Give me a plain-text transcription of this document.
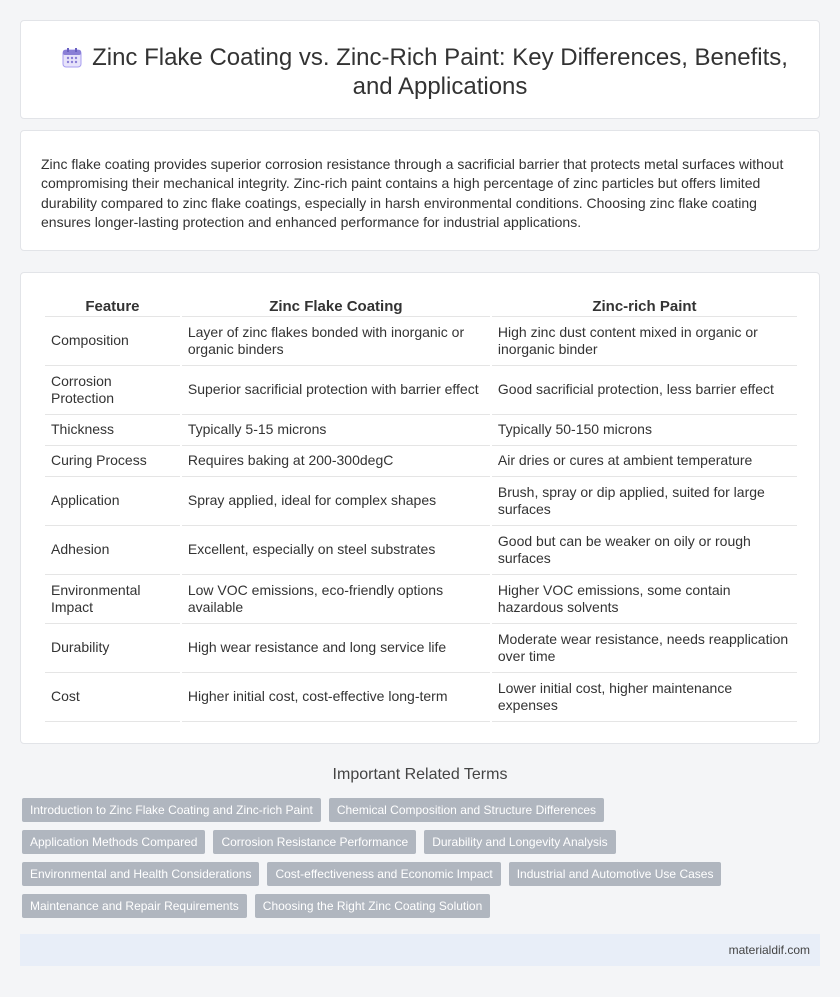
Zinc Flake Coating vs. Zinc-Rich Paint: Key Differences, Benefits, and Applications

Zinc flake coating provides superior corrosion resistance through a sacrificial barrier that protects metal surfaces without compromising their mechanical integrity. Zinc-rich paint contains a high percentage of zinc particles but offers limited durability compared to zinc flake coatings, especially in harsh environmental conditions. Choosing zinc flake coating ensures longer-lasting protection and enhanced performance for industrial applications.

Feature	Zinc Flake Coating	Zinc-rich Paint
Composition	Layer of zinc flakes bonded with inorganic or organic binders	High zinc dust content mixed in organic or inorganic binder
Corrosion Protection	Superior sacrificial protection with barrier effect	Good sacrificial protection, less barrier effect
Thickness	Typically 5-15 microns	Typically 50-150 microns
Curing Process	Requires baking at 200-300degC	Air dries or cures at ambient temperature
Application	Spray applied, ideal for complex shapes	Brush, spray or dip applied, suited for large surfaces
Adhesion	Excellent, especially on steel substrates	Good but can be weaker on oily or rough surfaces
Environmental Impact	Low VOC emissions, eco-friendly options available	Higher VOC emissions, some contain hazardous solvents
Durability	High wear resistance and long service life	Moderate wear resistance, needs reapplication over time
Cost	Higher initial cost, cost-effective long-term	Lower initial cost, higher maintenance expenses
Important Related Terms
Introduction to Zinc Flake Coating and Zinc-rich Paint	Chemical Composition and Structure Differences
Application Methods Compared	Corrosion Resistance Performance	Durability and Longevity Analysis
Environmental and Health Considerations	Cost-effectiveness and Economic Impact	Industrial and Automotive Use Cases
Maintenance and Repair Requirements	Choosing the Right Zinc Coating Solution
materialdif.com
